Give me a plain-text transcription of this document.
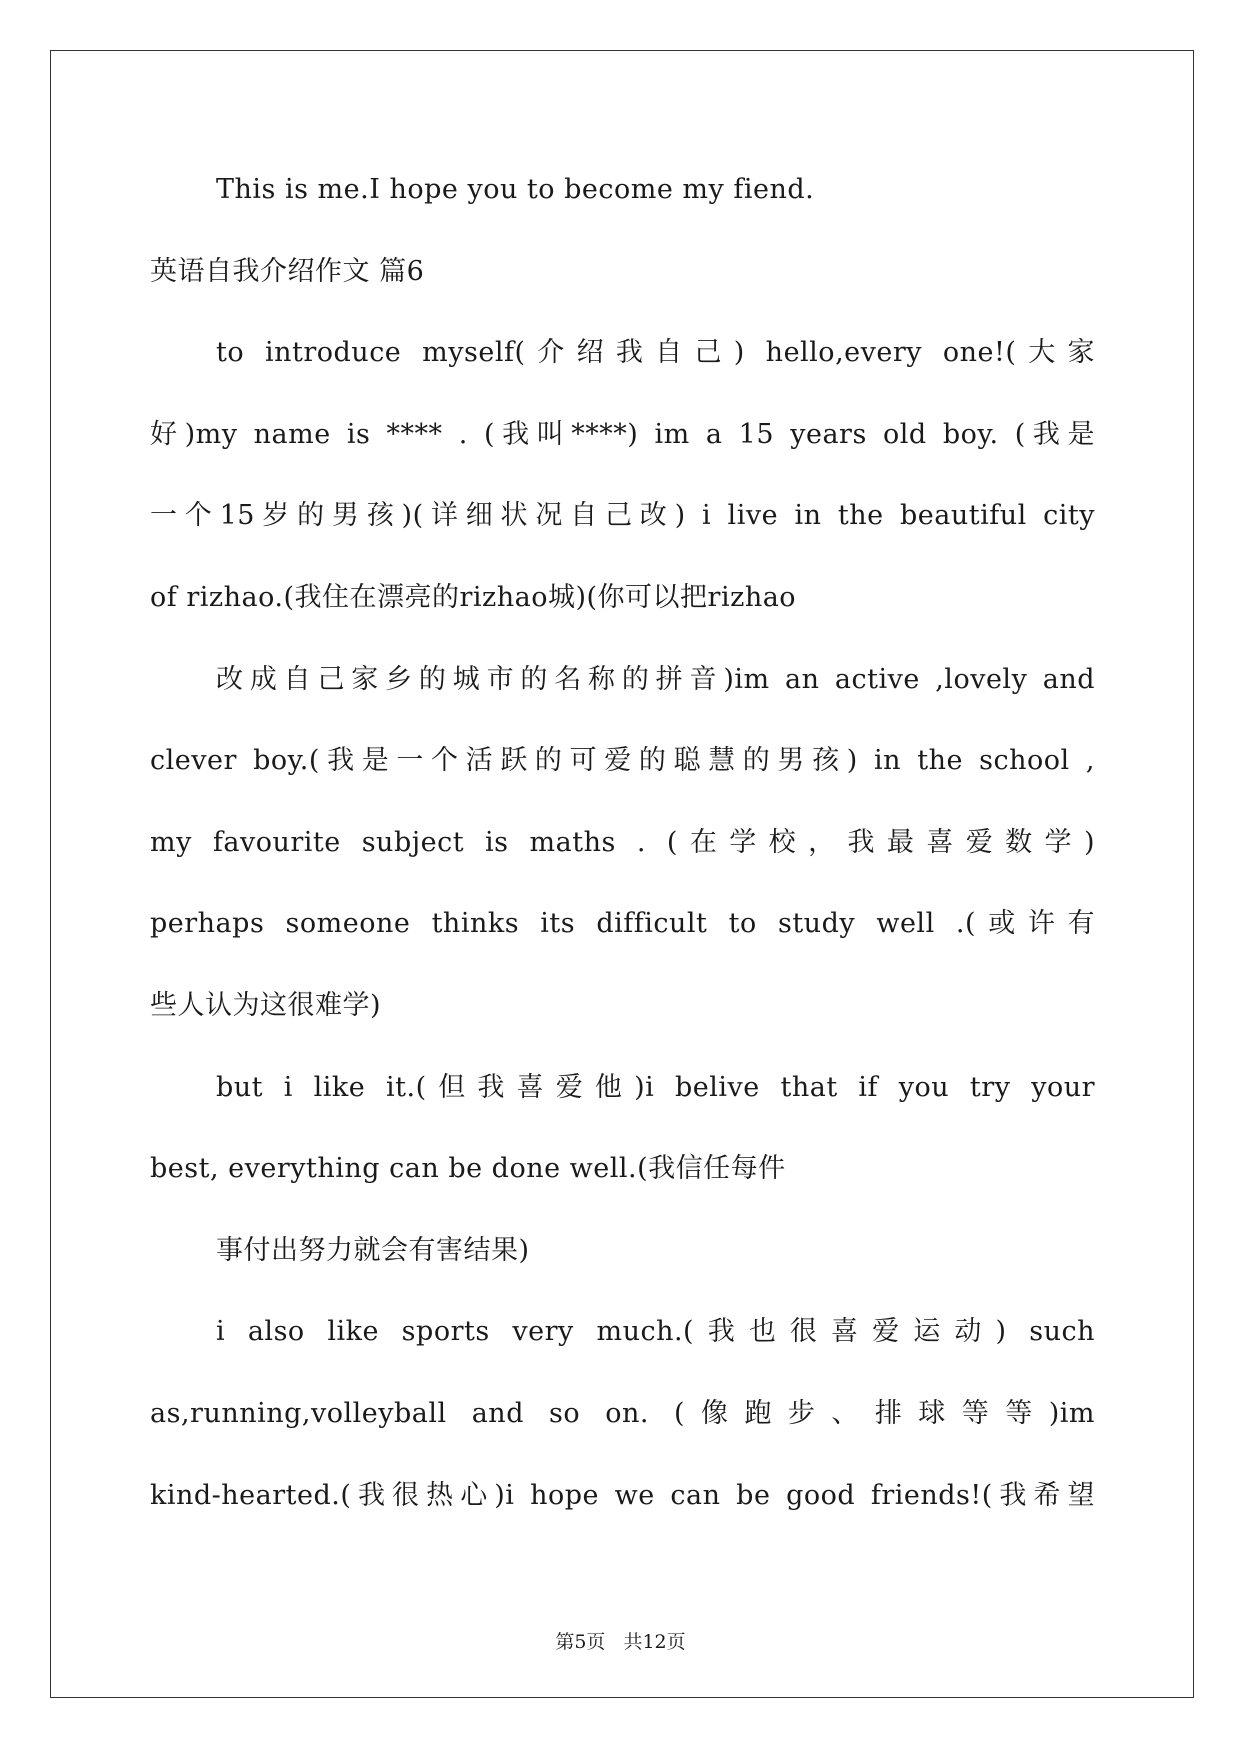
This is me.I hope you to become my fiend.
英语自我介绍作文 篇6
to introduce myself(介绍我自己) hello,every one!(大家
好)my name is **** . (我叫****) im a 15 years old boy. (我是
一个15岁的男孩)(详细状况自己改) i live in the beautiful city
of rizhao.(我住在漂亮的rizhao城)(你可以把rizhao
改成自己家乡的城市的名称的拼音)im an active ,lovely and
clever boy.(我是一个活跃的可爱的聪慧的男孩) in the school ,
my favourite subject is maths . (在学校，我最喜爱数学)
perhaps someone thinks its difficult to study well .(或许有
些人认为这很难学)
but i like it.(但我喜爱他)i belive that if you try your
best, everything can be done well.(我信任每件
事付出努力就会有害结果)
i also like sports very much.(我也很喜爱运动) such
as,running,volleyball and so on. (像跑步、排球等等)im
kind-hearted.(我很热心)i hope we can be good friends!(我希望
第5页 共12页
